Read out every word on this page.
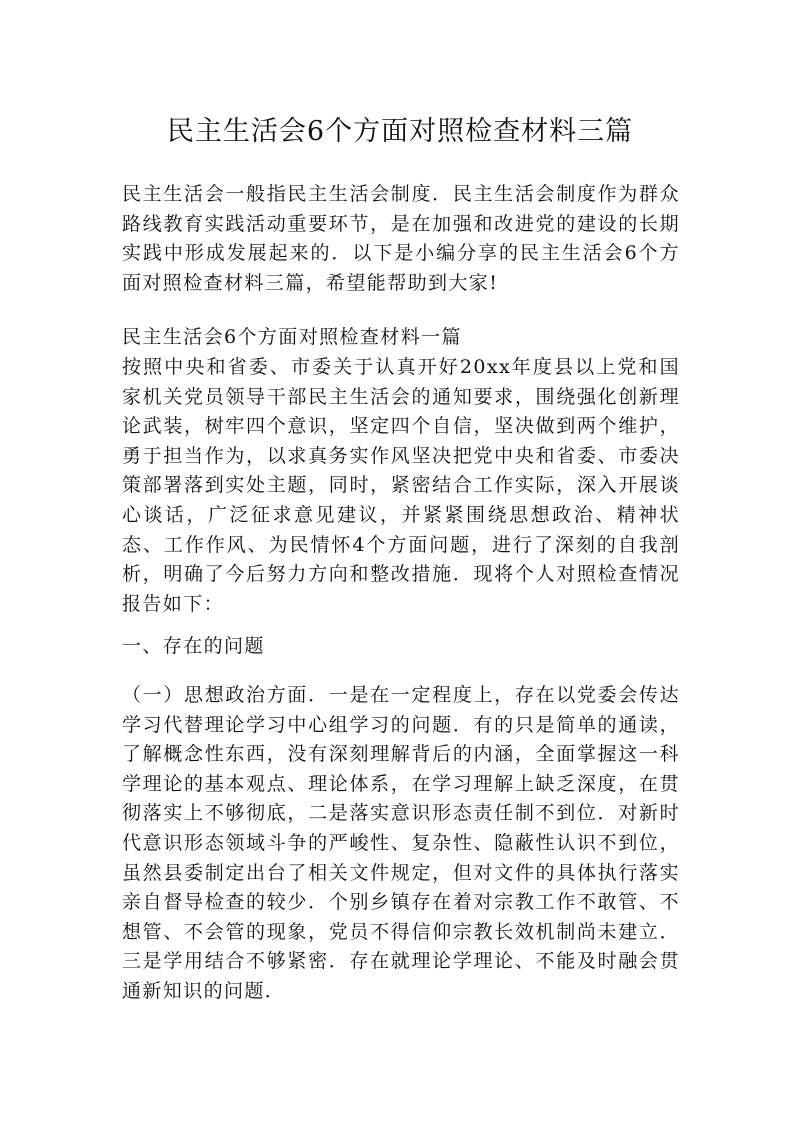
民主生活会6个方面对照检查材料三篇

民主生活会一般指民主生活会制度．民主生活会制度作为群众路线教育实践活动重要环节，是在加强和改进党的建设的长期实践中形成发展起来的．以下是小编分享的民主生活会6个方面对照检查材料三篇，希望能帮助到大家!

民主生活会6个方面对照检查材料一篇

按照中央和省委、市委关于认真开好20xx年度县以上党和国家机关党员领导干部民主生活会的通知要求，围绕强化创新理论武装，树牢四个意识，坚定四个自信，坚决做到两个维护，勇于担当作为，以求真务实作风坚决把党中央和省委、市委决策部署落到实处主题，同时，紧密结合工作实际，深入开展谈心谈话，广泛征求意见建议，并紧紧围绕思想政治、精神状态、工作作风、为民情怀4个方面问题，进行了深刻的自我剖析，明确了今后努力方向和整改措施．现将个人对照检查情况报告如下：

一、存在的问题

（一）思想政治方面．一是在一定程度上，存在以党委会传达学习代替理论学习中心组学习的问题．有的只是简单的通读，了解概念性东西，没有深刻理解背后的内涵，全面掌握这一科学理论的基本观点、理论体系，在学习理解上缺乏深度，在贯彻落实上不够彻底，二是落实意识形态责任制不到位．对新时代意识形态领域斗争的严峻性、复杂性、隐蔽性认识不到位，虽然县委制定出台了相关文件规定，但对文件的具体执行落实亲自督导检查的较少．个别乡镇存在着对宗教工作不敢管、不想管、不会管的现象，党员不得信仰宗教长效机制尚未建立．三是学用结合不够紧密．存在就理论学理论、不能及时融会贯通新知识的问题．
